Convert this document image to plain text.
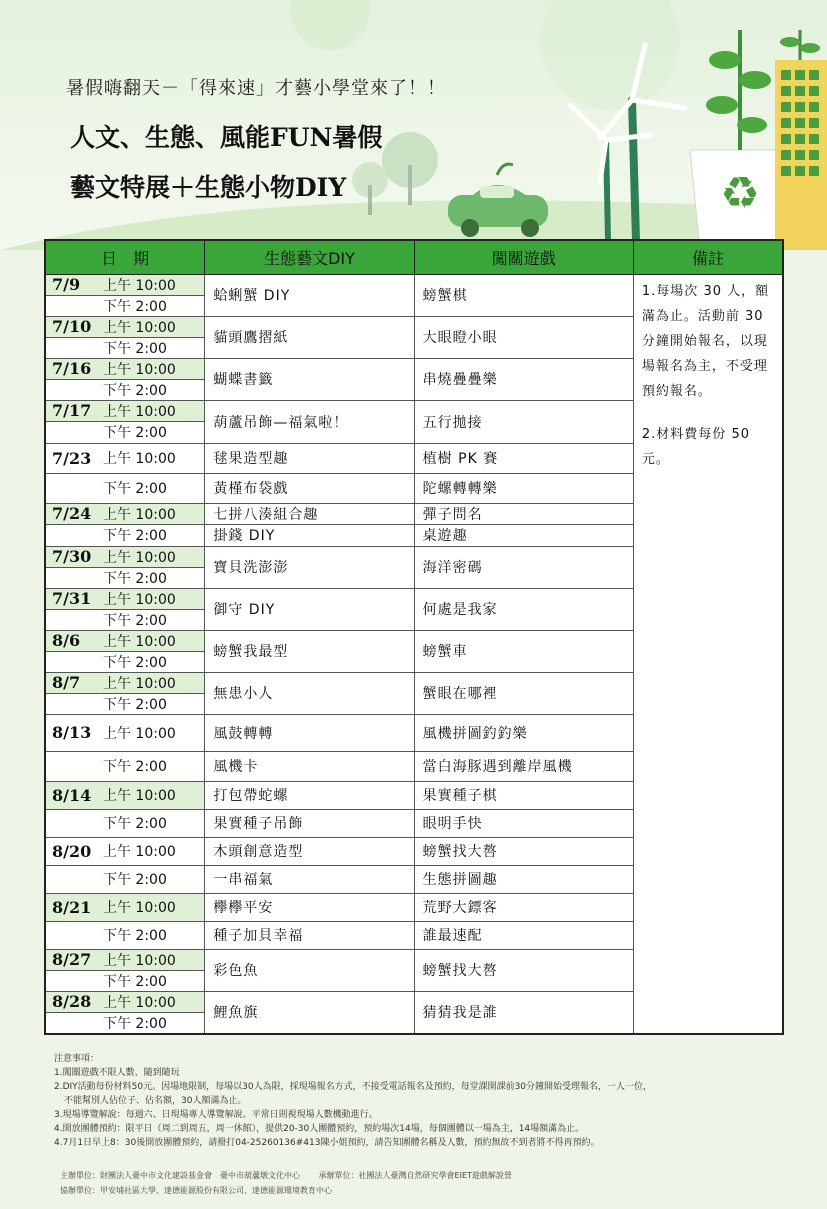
♻
暑假嗨翻天－「得來速」才藝小學堂來了！！
人文、生態、風能FUN暑假
藝文特展＋生態小物DIY
日　期		生態藝文DIY	闖關遊戲	備註
7/9	上午 10:00	蛤蜊蟹 DIY	螃蟹棋	1.每場次 30 人，額滿為止。活動前 30 分鐘開始報名，以現場報名為主，不受理預約報名。

2.材料費每份 50 元。

	下午 2:00			
7/10	上午 10:00	貓頭鷹摺紙	大眼瞪小眼	
	下午 2:00			
7/16	上午 10:00	蝴蝶書籤	串燒疊疊樂	
	下午 2:00			
7/17	上午 10:00	葫蘆吊飾—福氣啦！	五行拋接	
	下午 2:00			
7/23	上午 10:00	毬果造型趣	植樹 PK 賽	
	下午 2:00	黃槿布袋戲	陀螺轉轉樂	
7/24	上午 10:00	七拼八湊組合趣	彈子問名	
	下午 2:00	掛錢 DIY	桌遊趣	
7/30	上午 10:00	寶貝洗澎澎	海洋密碼	
	下午 2:00			
7/31	上午 10:00	御守 DIY	何處是我家	
	下午 2:00			
8/6	上午 10:00	螃蟹我最型	螃蟹車	
	下午 2:00			
8/7	上午 10:00	無患小人	蟹眼在哪裡	
	下午 2:00			
8/13	上午 10:00	風鼓轉轉	風機拼圖釣釣樂	
	下午 2:00	風機卡	當白海豚遇到離岸風機	
8/14	上午 10:00	打包帶蛇螺	果實種子棋	
	下午 2:00	果實種子吊飾	眼明手快	
8/20	上午 10:00	木頭創意造型	螃蟹找大嗸	
	下午 2:00	一串福氣	生態拼圖趣	
8/21	上午 10:00	欅欅平安	荒野大鏢客	
	下午 2:00	種子加貝幸福	誰最速配	
8/27	上午 10:00	彩色魚	螃蟹找大嗸	
	下午 2:00			
8/28	上午 10:00	鯉魚旗	猜猜我是誰	
	下午 2:00			
注意事項：
1.闖關遊戲不限人數、隨到隨玩
2.DIY活動每份材料50元。因場地限制，每場以30人為限，採現場報名方式，不接受電話報名及預約，每堂課開課前30分鐘開始受理報名，一人一位，
不能幫別人佔位子、佔名額，30人額滿為止。
3.現場導覽解說：每週六、日現場專人導覽解說。平常日則視現場人數機動進行。
4.開放團體預約：限平日（周二到周五，周一休館），提供20-30人團體預約，預約場次14場，每個團體以一場為主，14場額滿為止。
4.7月1日早上8：30後開放團體預約，請撥打04-25260136#413陳小姐預約，請告知團體名稱及人數，預約無故不到者將不得再預約。
主辦單位：財團法人臺中市文化建設基金會　臺中市葫蘆墩文化中心 承辦單位：社團法人臺灣自然研究學會EIET遊戲解說營
協辦單位：甲安埔社區大學、達德能源股份有限公司、達德能源環境教育中心
